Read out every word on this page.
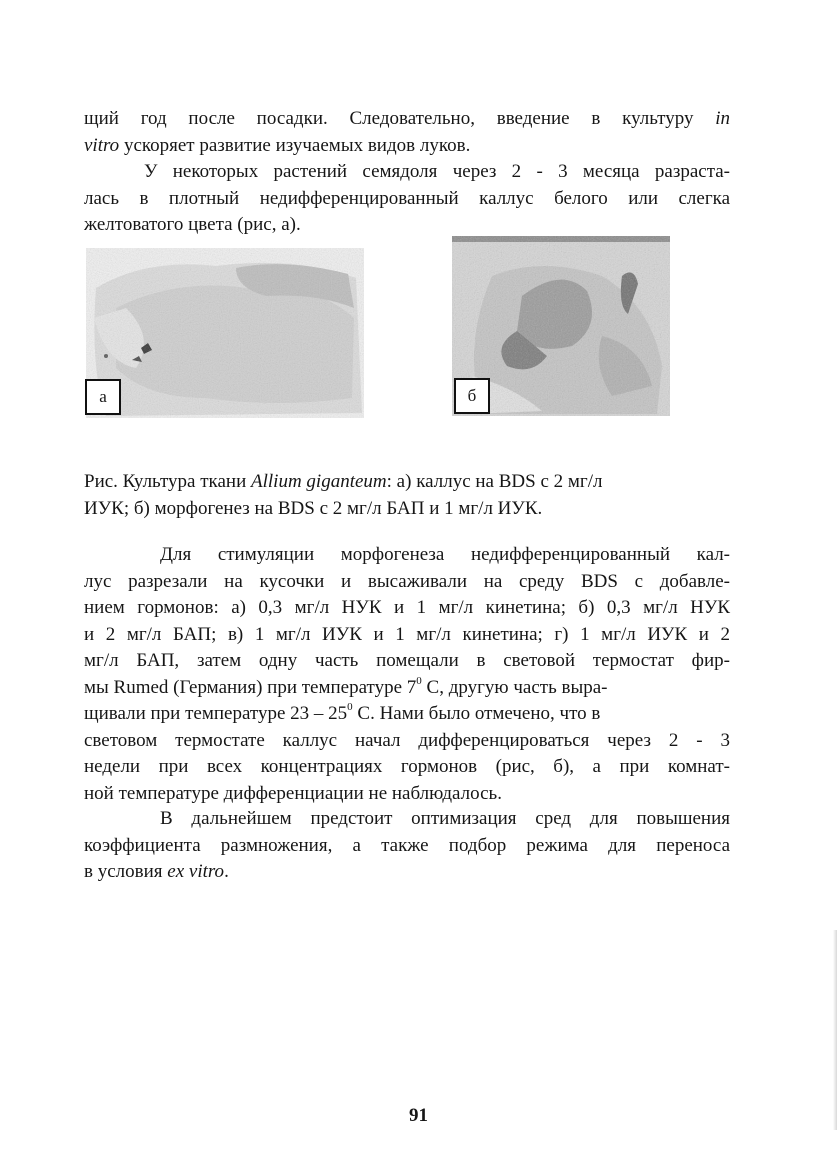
щий год после посадки. Следовательно, введение в культуру in
vitro ускоряет развитие изучаемых видов луков.
У некоторых растений семядоля через 2 - 3 месяца разраста-
лась в плотный недифференцированный каллус белого или слегка
желтоватого цвета (рис, а).
а	б
Рис. Культура ткани Allium giganteum: а) каллус на BDS с 2 мг/л
ИУК; б) морфогенез на BDS с 2 мг/л БАП и 1 мг/л ИУК.
Для стимуляции морфогенеза недифференцированный кал-
лус разрезали на кусочки и высаживали на среду BDS с добавле-
нием гормонов: а) 0,3 мг/л НУК и 1 мг/л кинетина; б) 0,3 мг/л НУК
и 2 мг/л БАП; в) 1 мг/л ИУК и 1 мг/л кинетина; г) 1 мг/л ИУК и 2
мг/л БАП, затем одну часть помещали в световой термостат фир-
мы Rumed (Германия) при температуре $7^0$ С, другую часть выра-
щивали при температуре $23 - 25^0$ С. Нами было отмечено, что в
световом термостате каллус начал дифференцироваться через 2 - 3
недели при всех концентрациях гормонов (рис, б), а при комнат-
ной температуре дифференциации не наблюдалось.
В дальнейшем предстоит оптимизация сред для повышения
коэффициента размножения, а также подбор режима для переноса
в условия ex vitro.
91
